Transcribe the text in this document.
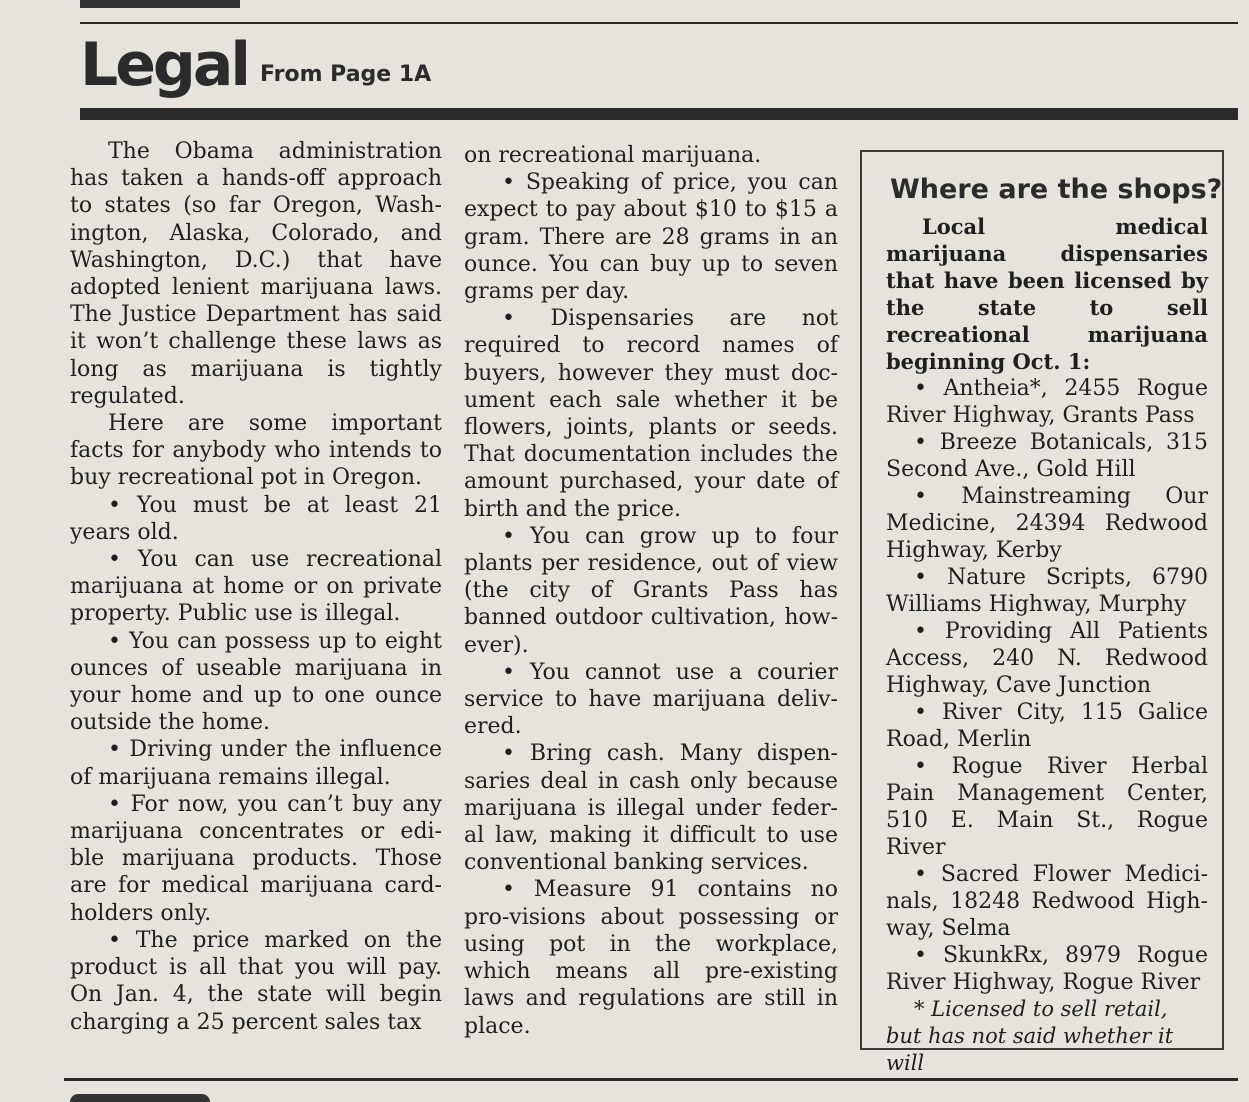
Legal From Page 1A

The Obama administration has taken a hands-off approach to states (so far Oregon, Wash-ington, Alaska, Colorado, and Washington, D.C.) that have adopted lenient marijuana laws. The Justice Department has said it won’t challenge these laws as long as marijuana is tightly regulated.

Here are some important facts for anybody who intends to buy recreational pot in Oregon.

• You must be at least 21 years old.

• You can use recreational marijuana at home or on private property. Public use is illegal.

• You can possess up to eight ounces of useable marijuana in your home and up to one ounce outside the home.

• Driving under the influence of marijuana remains illegal.

• For now, you can’t buy any marijuana concentrates or edi-ble marijuana products. Those are for medical marijuana card-holders only.

• The price marked on the product is all that you will pay. On Jan. 4, the state will begin charging a 25 percent sales tax

on recreational marijuana.

• Speaking of price, you can expect to pay about $10 to $15 a gram. There are 28 grams in an ounce. You can buy up to seven grams per day.

• Dispensaries are not required to record names of buyers, however they must doc-ument each sale whether it be flowers, joints, plants or seeds. That documentation includes the amount purchased, your date of birth and the price.

• You can grow up to four plants per residence, out of view (the city of Grants Pass has banned outdoor cultivation, how-ever).

• You cannot use a courier service to have marijuana deliv-ered.

• Bring cash. Many dispen-saries deal in cash only because marijuana is illegal under feder-al law, making it difficult to use conventional banking services.

• Measure 91 contains no pro-visions about possessing or using pot in the workplace, which means all pre-existing laws and regulations are still in place.

Where are the shops?

Local medical marijuana dispensaries that have been licensed by the state to sell recreational marijuana beginning Oct. 1:

• Antheia*, 2455 Rogue River Highway, Grants Pass

• Breeze Botanicals, 315 Second Ave., Gold Hill

• Mainstreaming Our Medicine, 24394 Redwood Highway, Kerby

• Nature Scripts, 6790 Williams Highway, Murphy

• Providing All Patients Access, 240 N. Redwood Highway, Cave Junction

• River City, 115 Galice Road, Merlin

• Rogue River Herbal Pain Management Center, 510 E. Main St., Rogue River

• Sacred Flower Medici-nals, 18248 Redwood High-way, Selma

• SkunkRx, 8979 Rogue River Highway, Rogue River

* Licensed to sell retail, but has not said whether it will
